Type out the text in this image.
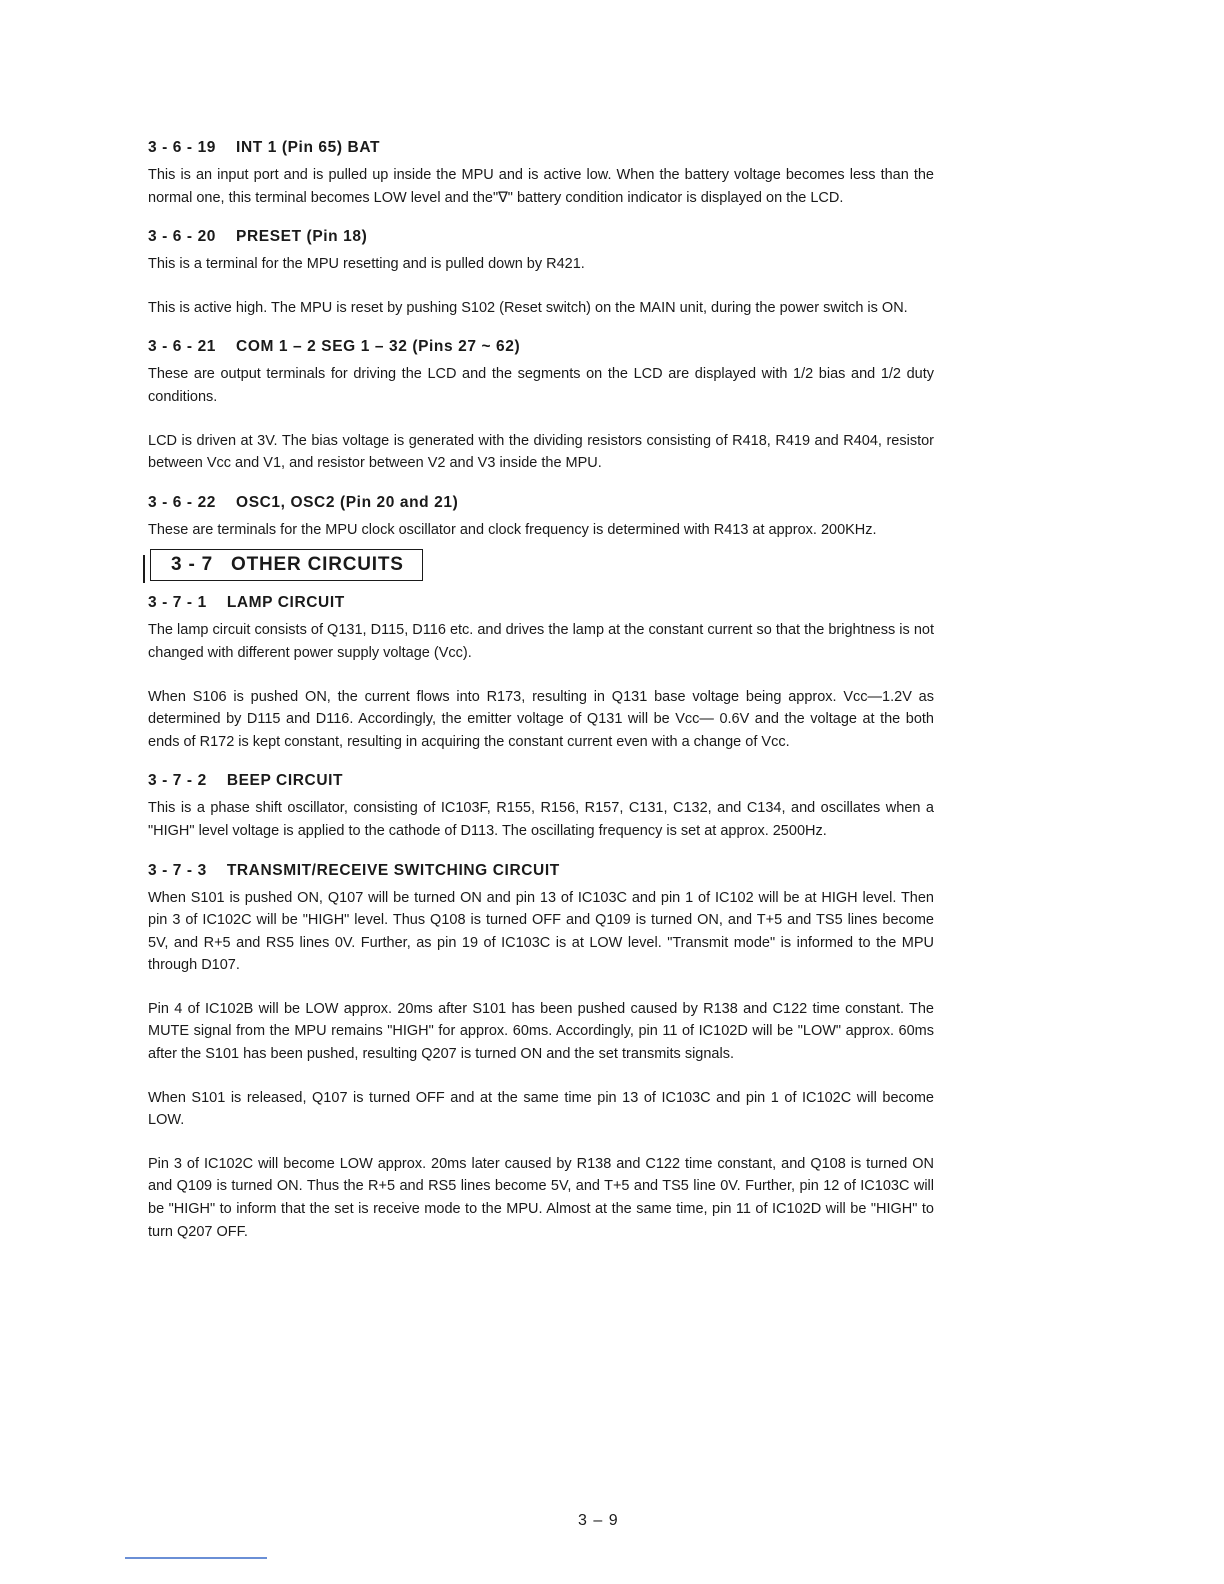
3 - 6 - 19 INT 1 (Pin 65) BAT

This is an input port and is pulled up inside the MPU and is active low. When the battery voltage becomes less than the normal one, this terminal becomes LOW level and the"∇" battery condition indicator is displayed on the LCD.

3 - 6 - 20 PRESET (Pin 18)

This is a terminal for the MPU resetting and is pulled down by R421.

This is active high. The MPU is reset by pushing S102 (Reset switch) on the MAIN unit, during the power switch is ON.

3 - 6 - 21 COM 1 – 2 SEG 1 – 32 (Pins 27 ~ 62)

These are output terminals for driving the LCD and the segments on the LCD are displayed with 1/2 bias and 1/2 duty conditions.

LCD is driven at 3V. The bias voltage is generated with the dividing resistors consisting of R418, R419 and R404, resistor between Vcc and V1, and resistor between V2 and V3 inside the MPU.

3 - 6 - 22 OSC1, OSC2 (Pin 20 and 21)

These are terminals for the MPU clock oscillator and clock frequency is determined with R413 at approx. 200KHz.

3 - 7 OTHER CIRCUITS

3 - 7 - 1 LAMP CIRCUIT

The lamp circuit consists of Q131, D115, D116 etc. and drives the lamp at the constant current so that the brightness is not changed with different power supply voltage (Vcc).

When S106 is pushed ON, the current flows into R173, resulting in Q131 base voltage being approx. Vcc—1.2V as determined by D115 and D116. Accordingly, the emitter voltage of Q131 will be Vcc— 0.6V and the voltage at the both ends of R172 is kept constant, resulting in acquiring the constant current even with a change of Vcc.

3 - 7 - 2 BEEP CIRCUIT

This is a phase shift oscillator, consisting of IC103F, R155, R156, R157, C131, C132, and C134, and oscillates when a "HIGH" level voltage is applied to the cathode of D113. The oscillating frequency is set at approx. 2500Hz.

3 - 7 - 3 TRANSMIT/RECEIVE SWITCHING CIRCUIT

When S101 is pushed ON, Q107 will be turned ON and pin 13 of IC103C and pin 1 of IC102 will be at HIGH level. Then pin 3 of IC102C will be "HIGH" level. Thus Q108 is turned OFF and Q109 is turned ON, and T+5 and TS5 lines become 5V, and R+5 and RS5 lines 0V. Further, as pin 19 of IC103C is at LOW level. "Transmit mode" is informed to the MPU through D107.

Pin 4 of IC102B will be LOW approx. 20ms after S101 has been pushed caused by R138 and C122 time constant. The MUTE signal from the MPU remains "HIGH" for approx. 60ms. Accordingly, pin 11 of IC102D will be "LOW" approx. 60ms after the S101 has been pushed, resulting Q207 is turned ON and the set transmits signals.

When S101 is released, Q107 is turned OFF and at the same time pin 13 of IC103C and pin 1 of IC102C will become LOW.

Pin 3 of IC102C will become LOW approx. 20ms later caused by R138 and C122 time constant, and Q108 is turned ON and Q109 is turned ON. Thus the R+5 and RS5 lines become 5V, and T+5 and TS5 line 0V. Further, pin 12 of IC103C will be "HIGH" to inform that the set is receive mode to the MPU. Almost at the same time, pin 11 of IC102D will be "HIGH" to turn Q207 OFF.

3 – 9
